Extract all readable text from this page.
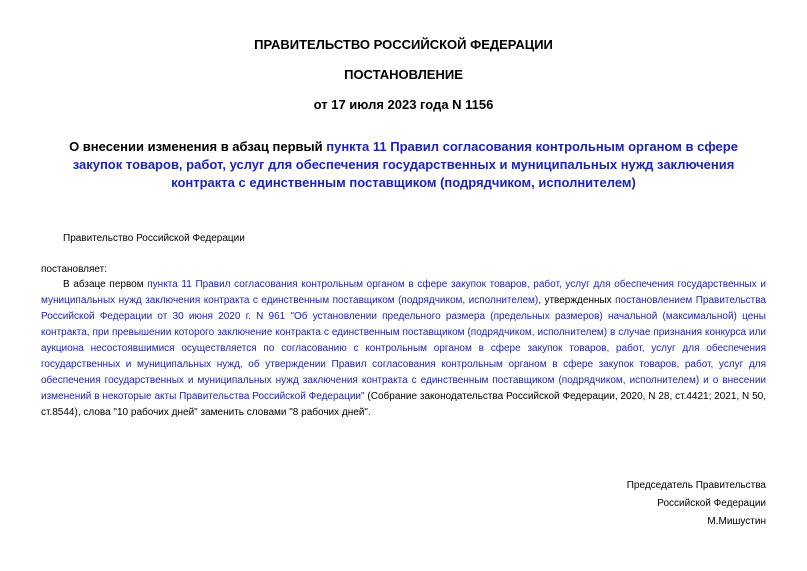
ПРАВИТЕЛЬСТВО РОССИЙСКОЙ ФЕДЕРАЦИИ

ПОСТАНОВЛЕНИЕ

от 17 июля 2023 года N 1156

О внесении изменения в абзац первый пункта 11 Правил согласования контрольным органом в сфере закупок товаров, работ, услуг для обеспечения государственных и муниципальных нужд заключения контракта с единственным поставщиком (подрядчиком, исполнителем)

Правительство Российской Федерации
постановляет:

В абзаце первом пункта 11 Правил согласования контрольным органом в сфере закупок товаров, работ, услуг для обеспечения государственных и муниципальных нужд заключения контракта с единственным поставщиком (подрядчиком, исполнителем), утвержденных постановлением Правительства Российской Федерации от 30 июня 2020 г. N 961 "Об установлении предельного размера (предельных размеров) начальной (максимальной) цены контракта, при превышении которого заключение контракта с единственным поставщиком (подрядчиком, исполнителем) в случае признания конкурса или аукциона несостоявшимися осуществляется по согласованию с контрольным органом в сфере закупок товаров, работ, услуг для обеспечения государственных и муниципальных нужд, об утверждении Правил согласования контрольным органом в сфере закупок товаров, работ, услуг для обеспечения государственных и муниципальных нужд заключения контракта с единственным поставщиком (подрядчиком, исполнителем) и о внесении изменений в некоторые акты Правительства Российской Федерации" (Собрание законодательства Российской Федерации, 2020, N 28, ст.4421; 2021, N 50, ст.8544), слова "10 рабочих дней" заменить словами "8 рабочих дней".

Председатель Правительства
Российской Федерации
М.Мишустин
